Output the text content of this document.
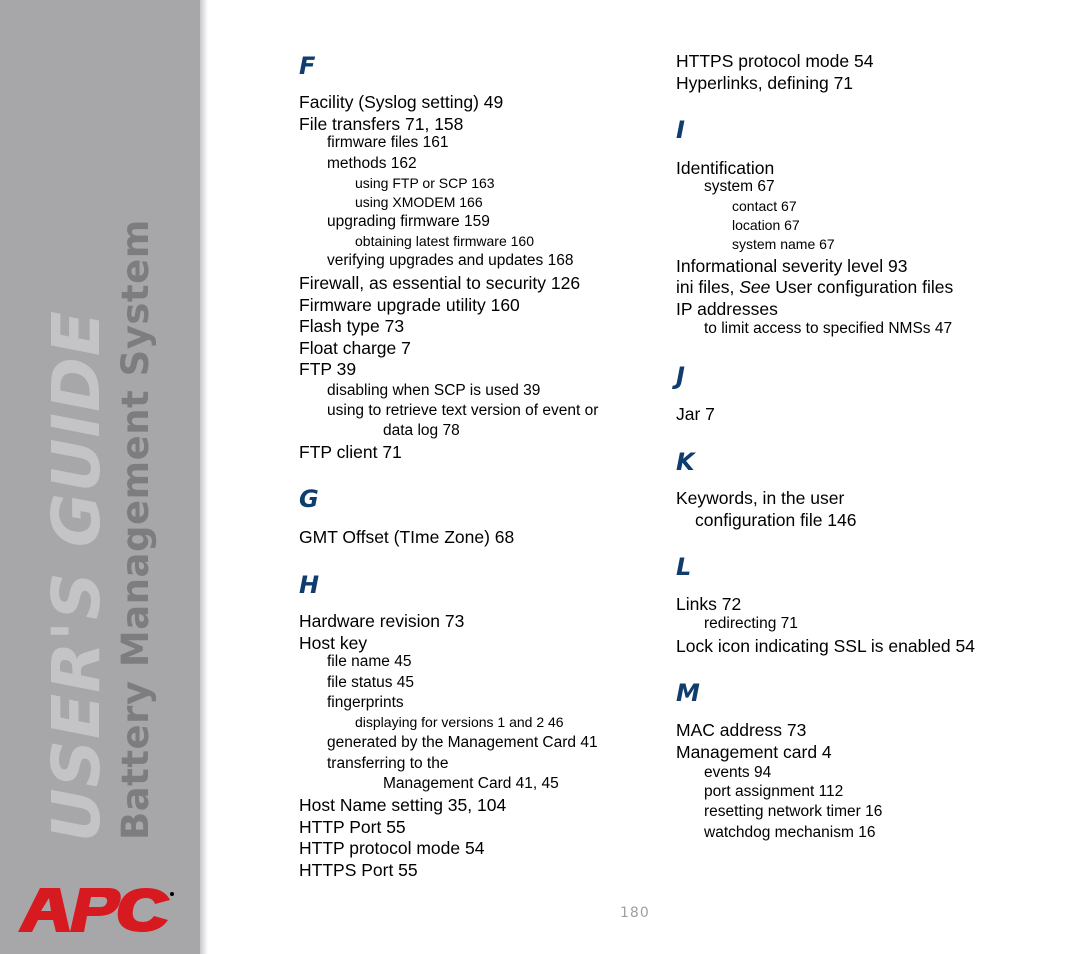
USER'S GUIDE Battery Management System
F
Facility (Syslog setting) 49
File transfers 71, 158
firmware files 161
methods 162
using FTP or SCP 163
using XMODEM 166
upgrading firmware 159
obtaining latest firmware 160
verifying upgrades and updates 168
Firewall, as essential to security 126
Firmware upgrade utility 160
Flash type 73
Float charge 7
FTP 39
disabling when SCP is used 39
using to retrieve text version of event or
data log 78
FTP client 71
G
GMT Offset (TIme Zone) 68
H
Hardware revision 73
Host key
file name 45
file status 45
fingerprints
displaying for versions 1 and 2 46
generated by the Management Card 41
transferring to the
Management Card 41, 45
Host Name setting 35, 104
HTTP Port 55
HTTP protocol mode 54
HTTPS Port 55
HTTPS protocol mode 54
Hyperlinks, defining 71
I
Identification
system 67
contact 67
location 67
system name 67
Informational severity level 93
ini files, See User configuration files
IP addresses
to limit access to specified NMSs 47
J
Jar 7
K
Keywords, in the user
configuration file 146
L
Links 72
redirecting 71
Lock icon indicating SSL is enabled 54
M
MAC address 73
Management card 4
events 94
port assignment 112
resetting network timer 16
watchdog mechanism 16
180
